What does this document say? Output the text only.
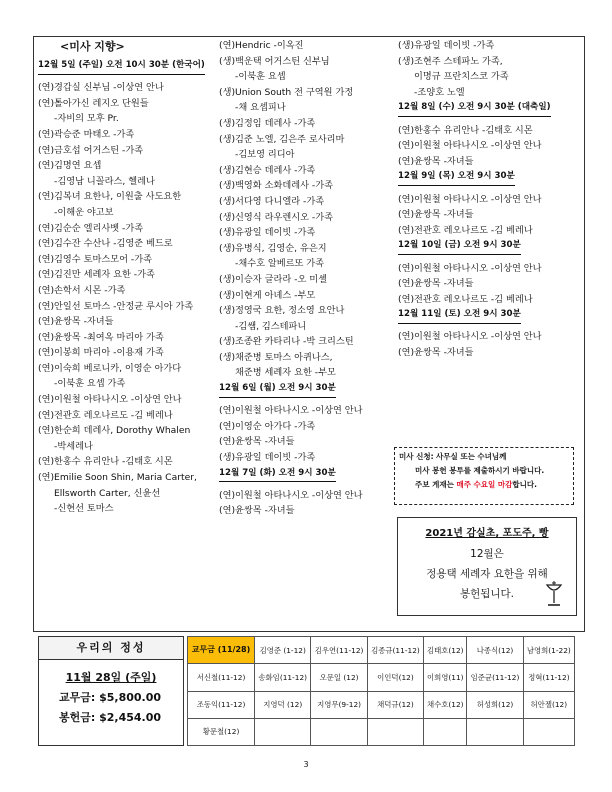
<미사 지향>
12월 5일 (주일) 오전 10시 30분 (한국어)

(연)경갑실 신부님 -이상연 안나
(연)톨아가신 레지오 단원들
-자비의 모후 Pr.
(연)곽승준 마태오 -가족
(연)금호섭 어거스틴 -가족
(연)김명연 요셉
-김영남 니꼴라스, 헬레나
(연)김복녀 요한나, 이원출 사도요한
-이해운 야고보
(연)김순순 엘리사벳 -가족
(연)김수잔 수산나 -김영준 베드로
(연)김영수 토마스모어 -가족
(연)김진만 세례자 요한 -가족
(연)손학서 시몬 -가족
(연)안일선 토마스 -안정균 루시아 가족
(연)윤쌍목 -자녀들
(연)윤쌍목 -최여옥 마리아 가족
(연)이봉희 마리아 -이용재 가족
(연)이숙희 베로니카, 이영순 아가다
-이북훈 요셉 가족
(연)이원철 아타나시오 -이상연 안나
(연)전관호 레오나르도 -김 베레나
(연)한순희 데레사, Dorothy Whalen
-박세레나
(연)한홍수 유리안나 -김태호 시몬
(연)Emilie Soon Shin, Maria Carter,
Ellsworth Carter, 신윤선
-신현선 토마스
(연)Hendric -이옥진
(생)백운택 어거스틴 신부님
-이북훈 요셉
(생)Union South 전 구역원 가정
-채 요셉피나
(생)김정임 데레사 -가족
(생)김준 노엘, 김은주 로사리마
-김보영 리디아
(생)김현승 데레사 -가족
(생)백영화 소화데레사 -가족
(생)서다영 다니엘라 -가족
(생)신영식 라우렌시오 -가족
(생)유광일 데이빗 -가족
(생)유병식, 김영순, 유은지
-채수호 알베르또 가족
(생)이승자 글라라 -오 미셸
(생)이현게 아녜스 -부모
(생)정영국 요한, 정소영 요안나
-김쌤, 김스테파니
(생)조종완 카타리나 -박 크리스틴
(생)채준병 토마스 아퀴나스,
채준병 세례자 요한 -부모
12월 6일 (월) 오전 9시 30분

(연)이원철 아타나시오 -이상연 안나
(연)이영순 아가다 -가족
(연)윤쌍목 -자녀들
(생)유광일 데이빗 -가족
12월 7일 (화) 오전 9시 30분

(연)이원철 아타나시오 -이상연 안나
(연)윤쌍목 -자녀들
(생)유광일 데이빗 -가족
(생)조현주 스테파노 가족,
이명규 프란치스코 가족
-조양호 노엘
12월 8일 (수) 오전 9시 30분 (대축일)

(연)한홍수 유리안나 -김태호 시몬
(연)이원철 아타나시오 -이상연 안나
(연)윤쌍목 -자녀들
12월 9일 (목) 오전 9시 30분

(연)이원철 아타나시오 -이상연 안나
(연)윤쌍목 -자녀들
(연)전관호 레오나르도 -김 베레나
12월 10일 (금) 오전 9시 30분

(연)이원철 아타나시오 -이상연 안나
(연)윤쌍목 -자녀들
(연)전관호 레오나르도 -김 베레나
12월 11일 (토) 오전 9시 30분

(연)이원철 아타나시오 -이상연 안나
(연)윤쌍목 -자녀들
미사 신청: 사무실 또는 수녀님께
미사 봉헌 봉투를 제출하시기 바랍니다.
주보 게재는 매주 수요일 마감합니다.
2021년 감실초, 포도주, 빵
12월은
정용택 세례자 요한을 위해
봉헌됩니다.
우리의 정성
11월 28일 (주일)
교무금: $5,800.00
봉헌금: $2,454.00
교무금 (11/28)	김영준 (1-12)	김우연(11-12)	김종규(11-12)	김태호(12)	나종식(12)	남영희(1-22)
서신철(11-12)	송화임(11-12)	오문일 (12)	이인덕(12)	이희영(11)	임준균(11-12)	정혁(11-12)
조동익(11-12)	지영덕 (12)	지영무(9-12)	채덕규(12)	채수호(12)	허성희(12)	허안젤(12)
황문철(12)						
3
